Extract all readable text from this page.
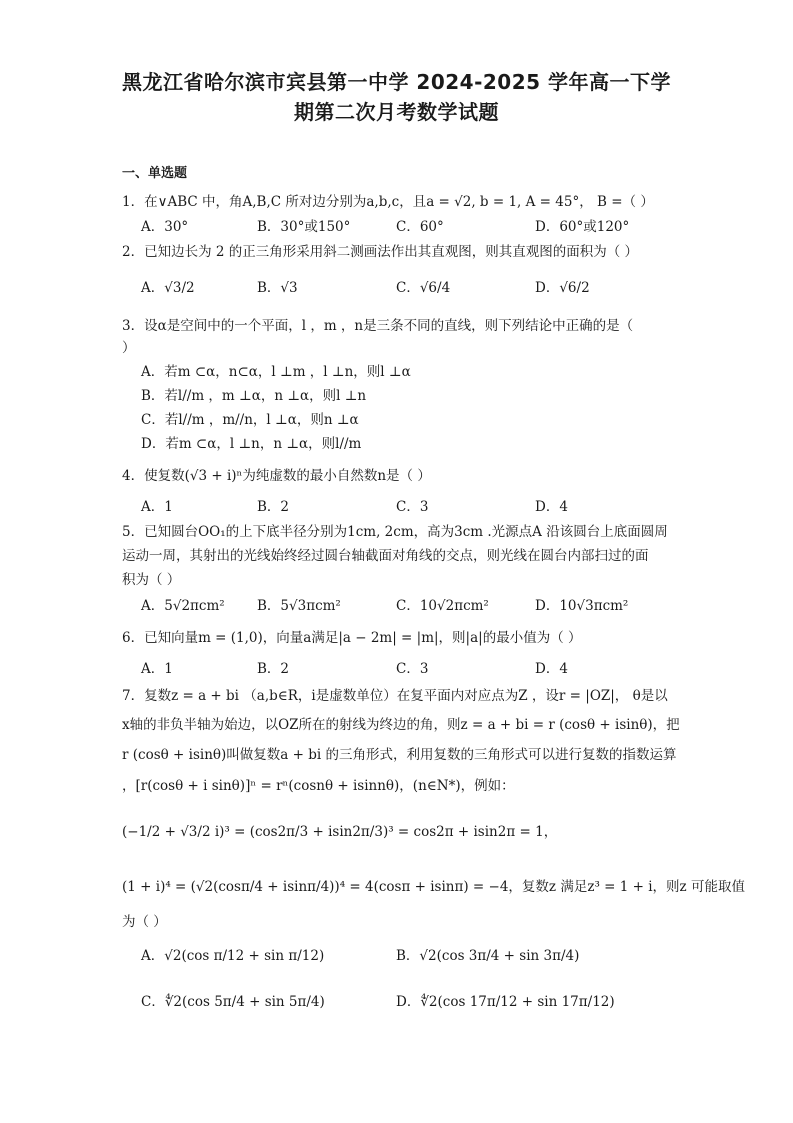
黑龙江省哈尔滨市宾县第一中学 2024-2025 学年高一下学
期第二次月考数学试题
一、单选题
1．在∨ABC 中，角A,B,C 所对边分别为a,b,c，且a = √2, b = 1, A = 45°， B =（ ）
A．30°	B．30°或150°	C．60°	D．60°或120°
2．已知边长为 2 的正三角形采用斜二测画法作出其直观图，则其直观图的面积为（ ）
A．√3/2	B．√3	C．√6/4	D．√6/2
3．设α是空间中的一个平面，l ，m ，n是三条不同的直线，则下列结论中正确的是（
）
A．若m ⊂α，n⊂α，l ⊥m ，l ⊥n，则l ⊥α
B．若l//m ，m ⊥α，n ⊥α，则l ⊥n
C．若l//m ，m//n，l ⊥α，则n ⊥α
D．若m ⊂α，l ⊥n，n ⊥α，则l//m
4．使复数(√3 + i)ⁿ为纯虚数的最小自然数n是（ ）
A．1	B．2	C．3	D．4
5．已知圆台OO₁的上下底半径分别为1cm, 2cm，高为3cm .光源点A 沿该圆台上底面圆周
运动一周，其射出的光线始终经过圆台轴截面对角线的交点，则光线在圆台内部扫过的面
积为（ ）
A．5√2πcm² B．5√3πcm²	C．10√2πcm²	D．10√3πcm²
6．已知向量m = (1,0)，向量a满足|a − 2m| = |m|，则|a|的最小值为（ ）
A．1	B．2	C．3	D．4
7．复数z = a + bi （a,b∈R，i是虚数单位）在复平面内对应点为Z ，设r = |OZ|， θ是以
x轴的非负半轴为始边，以OZ所在的射线为终边的角，则z = a + bi = r (cosθ + isinθ)，把
r (cosθ + isinθ)叫做复数a + bi 的三角形式，利用复数的三角形式可以进行复数的指数运算
，[r(cosθ + i sinθ)]ⁿ = rⁿ(cosnθ + isinnθ)，(n∈N*)，例如：
(−1/2 + √3/2 i)³ = (cos2π/3 + isin2π/3)³ = cos2π + isin2π = 1，
(1 + i)⁴ = (√2(cosπ/4 + isinπ/4))⁴ = 4(cosπ + isinπ) = −4，复数z 满足z³ = 1 + i，则z 可能取值
为（ ）
A．√2(cos π/12 + sin π/12)	B．√2(cos 3π/4 + sin 3π/4)
C．∜2(cos 5π/4 + sin 5π/4)	D．∜2(cos 17π/12 + sin 17π/12)
